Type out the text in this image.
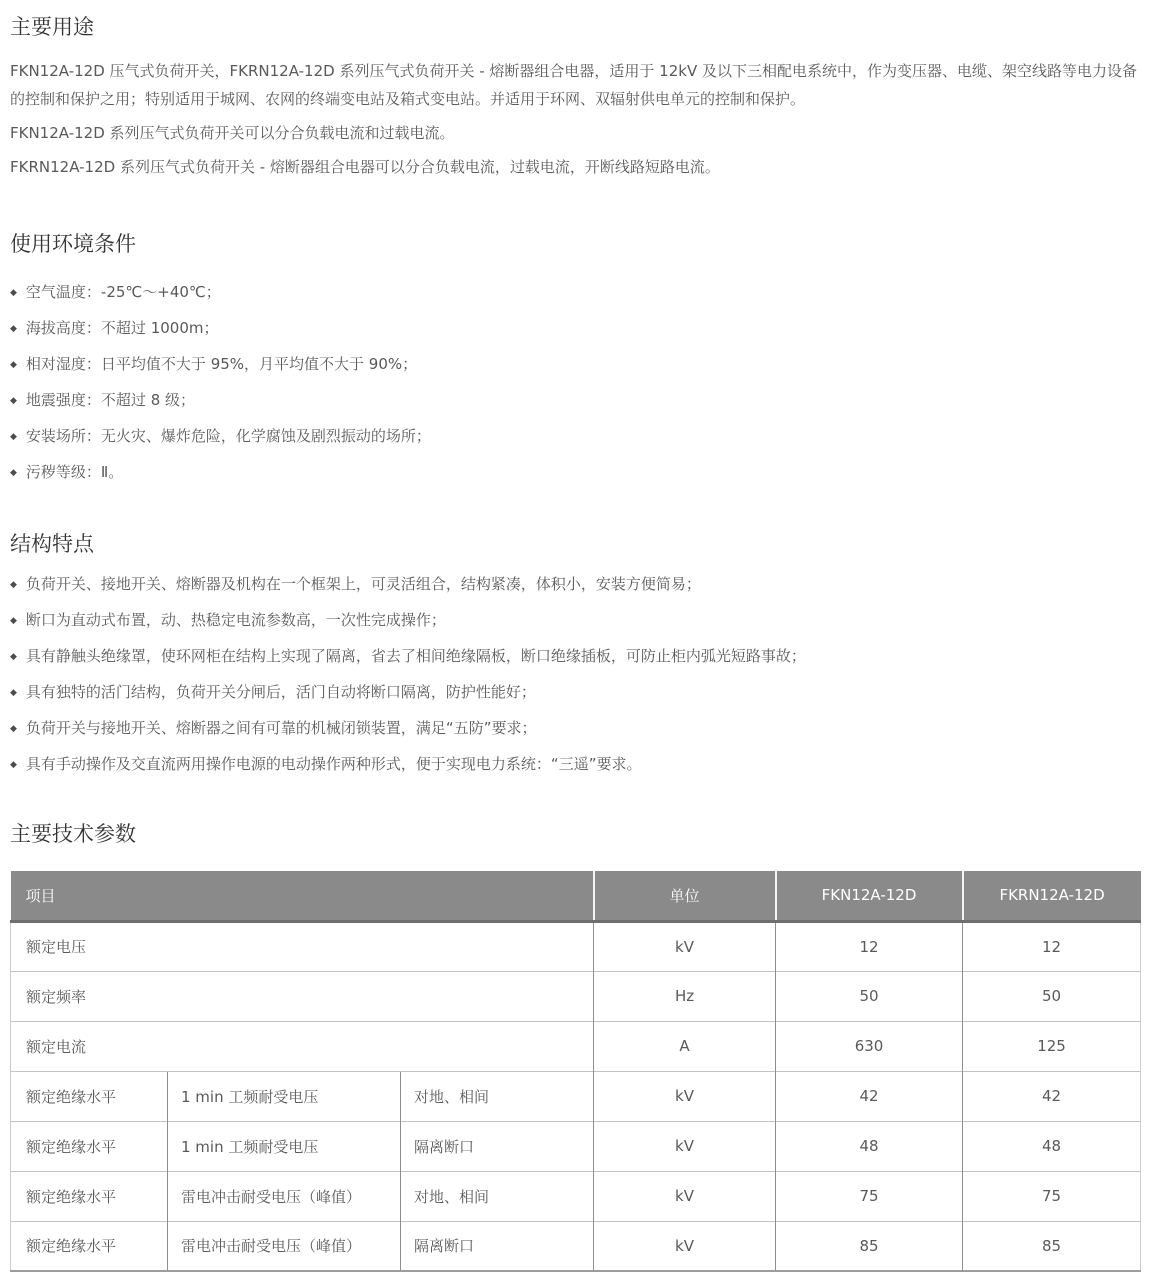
主要用途

FKN12A-12D 压气式负荷开关，FKRN12A-12D 系列压气式负荷开关 - 熔断器组合电器，适用于 12kV 及以下三相配电系统中，作为变压器、电缆、架空线路等电力设备的控制和保护之用；特别适用于城网、农网的终端变电站及箱式变电站。并适用于环网、双辐射供电单元的控制和保护。

FKN12A-12D 系列压气式负荷开关可以分合负载电流和过载电流。

FKRN12A-12D 系列压气式负荷开关 - 熔断器组合电器可以分合负载电流，过载电流，开断线路短路电流。

使用环境条件
◆ 空气温度：-25℃～+40℃；
◆ 海拔高度：不超过 1000m；
◆ 相对湿度：日平均值不大于 95%，月平均值不大于 90%；
◆ 地震强度：不超过 8 级；
◆ 安装场所：无火灾、爆炸危险，化学腐蚀及剧烈振动的场所；
◆ 污秽等级：Ⅱ。
结构特点
◆ 负荷开关、接地开关、熔断器及机构在一个框架上，可灵活组合，结构紧凑，体积小，安装方便简易；
◆ 断口为直动式布置，动、热稳定电流参数高，一次性完成操作；
◆ 具有静触头绝缘罩，使环网柜在结构上实现了隔离，省去了相间绝缘隔板，断口绝缘插板，可防止柜内弧光短路事故；
◆ 具有独特的活门结构，负荷开关分闸后，活门自动将断口隔离，防护性能好；
◆ 负荷开关与接地开关、熔断器之间有可靠的机械闭锁装置，满足“五防”要求；
◆ 具有手动操作及交直流两用操作电源的电动操作两种形式，便于实现电力系统：“三遥”要求。
主要技术参数
项目			单位	FKN12A-12D	FKRN12A-12D
额定电压			kV	12	12
额定频率			Hz	50	50
额定电流			A	630	125
额定绝缘水平	1 min 工频耐受电压	对地、相间	kV	42	42
额定绝缘水平	1 min 工频耐受电压	隔离断口	kV	48	48
额定绝缘水平	雷电冲击耐受电压（峰值）	对地、相间	kV	75	75
额定绝缘水平	雷电冲击耐受电压（峰值）	隔离断口	kV	85	85
